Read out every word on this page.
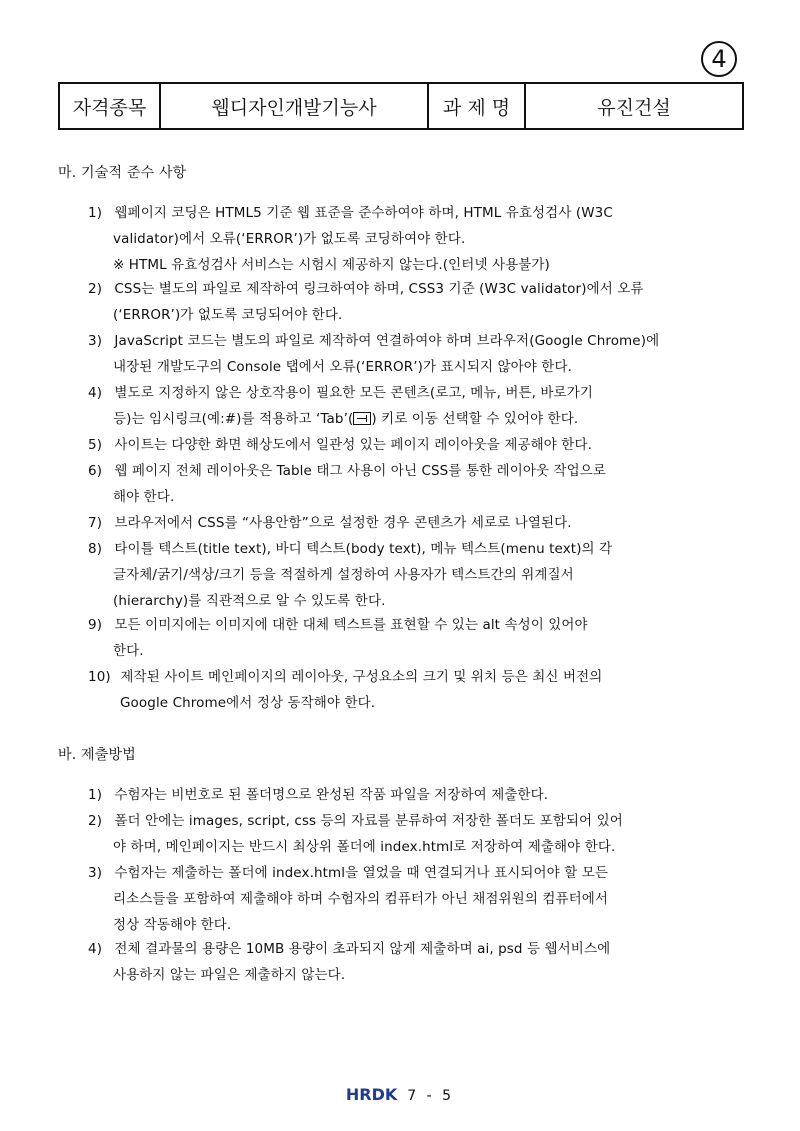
4
자격종목	웹디자인개발기능사	과 제 명	유진건설
마. 기술적 준수 사항
1) 웹페이지 코딩은 HTML5 기준 웹 표준을 준수하여야 하며, HTML 유효성검사 (W3C
validator)에서 오류(‘ERROR’)가 없도록 코딩하여야 한다.
※ HTML 유효성검사 서비스는 시험시 제공하지 않는다.(인터넷 사용불가)
2) CSS는 별도의 파일로 제작하여 링크하여야 하며, CSS3 기준 (W3C validator)에서 오류
(‘ERROR’)가 없도록 코딩되어야 한다.
3) JavaScript 코드는 별도의 파일로 제작하여 연결하여야 하며 브라우저(Google Chrome)에
내장된 개발도구의 Console 탭에서 오류(‘ERROR’)가 표시되지 않아야 한다.
4) 별도로 지정하지 않은 상호작용이 필요한 모든 콘텐츠(로고, 메뉴, 버튼, 바로가기
등)는 임시링크(예:#)를 적용하고 ‘Tab’( ) 키로 이동 선택할 수 있어야 한다.
5) 사이트는 다양한 화면 해상도에서 일관성 있는 페이지 레이아웃을 제공해야 한다.
6) 웹 페이지 전체 레이아웃은 Table 태그 사용이 아닌 CSS를 통한 레이아웃 작업으로
해야 한다.
7) 브라우저에서 CSS를 “사용안함”으로 설정한 경우 콘텐츠가 세로로 나열된다.
8) 타이틀 텍스트(title text), 바디 텍스트(body text), 메뉴 텍스트(menu text)의 각
글자체/굵기/색상/크기 등을 적절하게 설정하여 사용자가 텍스트간의 위계질서
(hierarchy)를 직관적으로 알 수 있도록 한다.
9) 모든 이미지에는 이미지에 대한 대체 텍스트를 표현할 수 있는 alt 속성이 있어야
한다.
10) 제작된 사이트 메인페이지의 레이아웃, 구성요소의 크기 및 위치 등은 최신 버전의
Google Chrome에서 정상 동작해야 한다.
바. 제출방법
1) 수험자는 비번호로 된 폴더명으로 완성된 작품 파일을 저장하여 제출한다.
2) 폴더 안에는 images, script, css 등의 자료를 분류하여 저장한 폴더도 포함되어 있어
야 하며, 메인페이지는 반드시 최상위 폴더에 index.html로 저장하여 제출해야 한다.
3) 수험자는 제출하는 폴더에 index.html을 열었을 때 연결되거나 표시되어야 할 모든
리소스들을 포함하여 제출해야 하며 수험자의 컴퓨터가 아닌 채점위원의 컴퓨터에서
정상 작동해야 한다.
4) 전체 결과물의 용량은 10MB 용량이 초과되지 않게 제출하며 ai, psd 등 웹서비스에
사용하지 않는 파일은 제출하지 않는다.
HRDK 7 - 5
